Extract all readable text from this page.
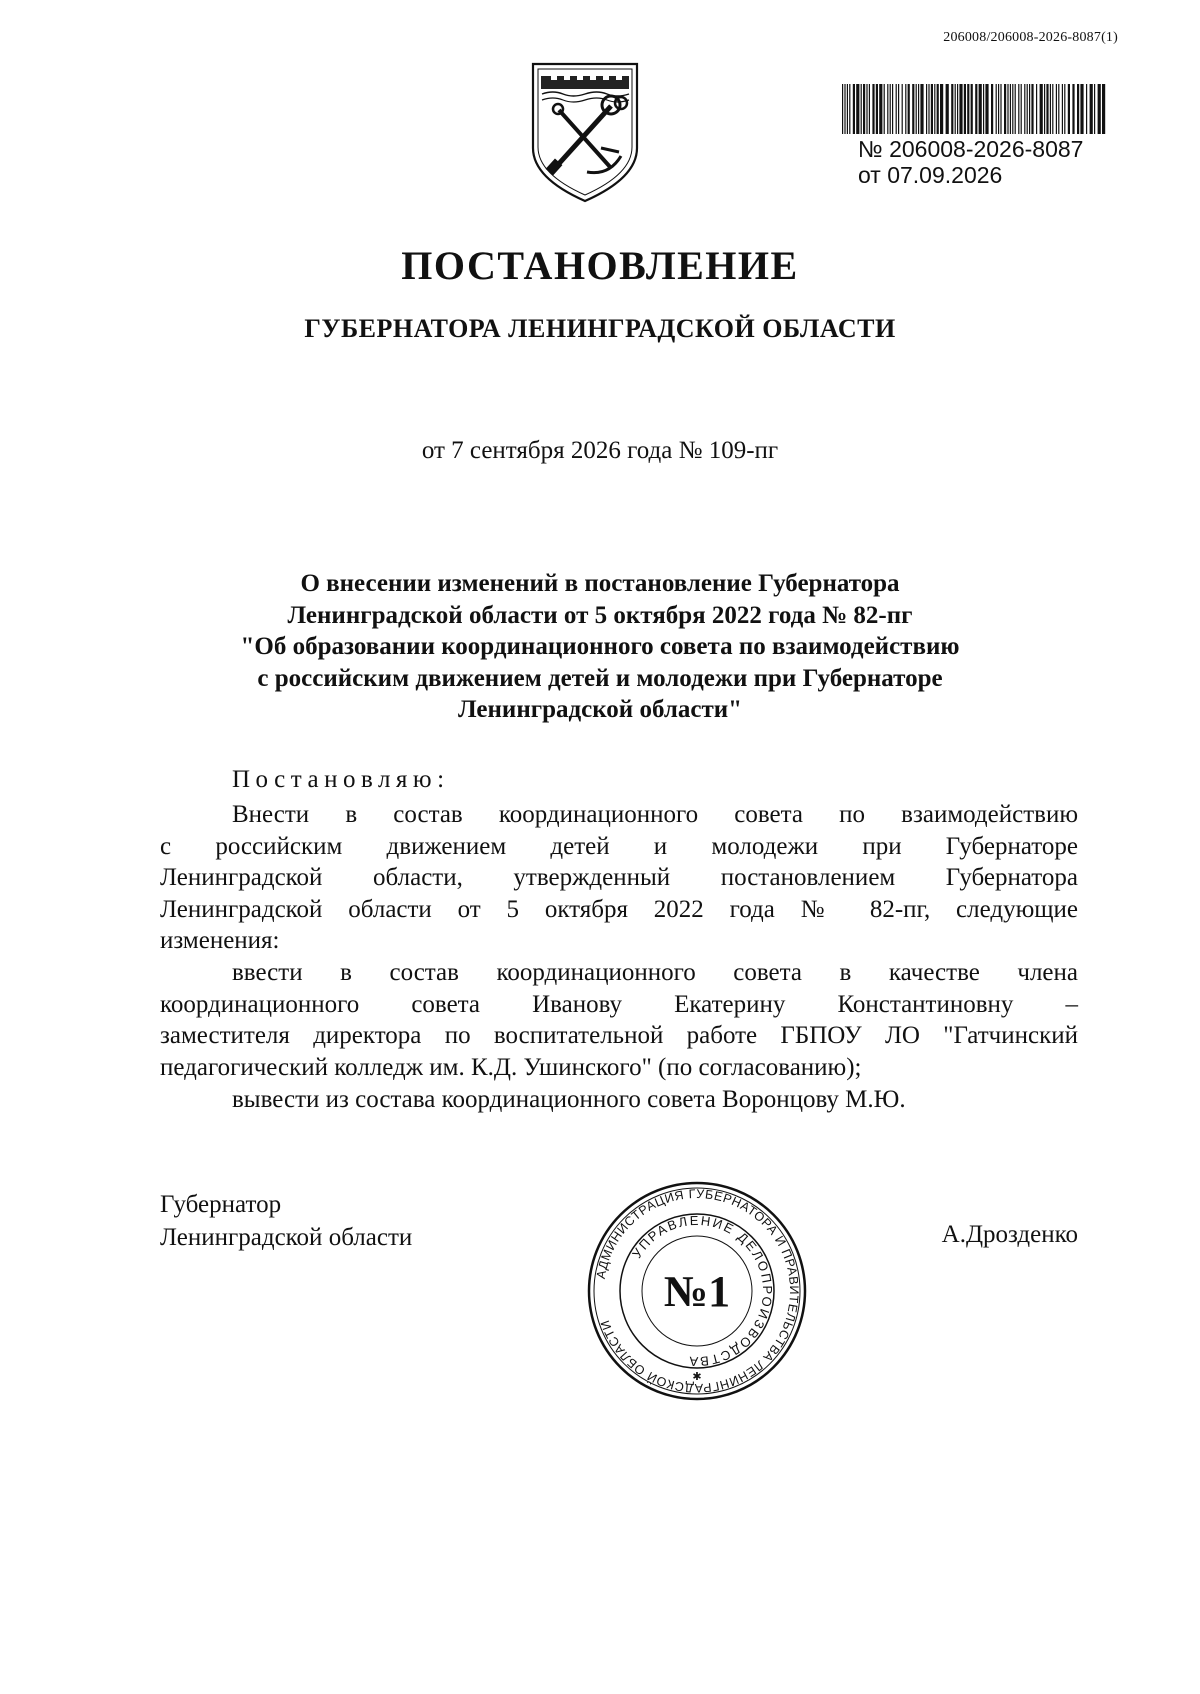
206008/206008-2026-8087(1)
№ 206008-2026-8087
от 07.09.2026
ПОСТАНОВЛЕНИЕ
ГУБЕРНАТОРА ЛЕНИНГРАДСКОЙ ОБЛАСТИ
от 7 сентября 2026 года № 109-пг
О внесении изменений в постановление Губернатора
Ленинградской области от 5 октября 2022 года № 82-пг
"Об образовании координационного совета по взаимодействию
с российским движением детей и молодежи при Губернаторе
Ленинградской области"
Постановляю:
Внести в состав координационного совета по взаимодействию
с российским движением детей и молодежи при Губернаторе
Ленинградской области, утвержденный постановлением Губернатора
Ленинградской области от 5 октября 2022 года № 82-пг, следующие
изменения:
ввести в состав координационного совета в качестве члена
координационного совета Иванову Екатерину Константиновну –
заместителя директора по воспитательной работе ГБПОУ ЛО "Гатчинский
педагогический колледж им. К.Д. Ушинского" (по согласованию);
вывести из состава координационного совета Воронцову М.Ю.
Губернатор
Ленинградской области	А.Дрозденко
АДМИНИСТРАЦИЯ ГУБЕРНАТОРА И ПРАВИТЕЛЬСТВА ЛЕНИНГРАДСКОЙ ОБЛАСТИ
УПРАВЛЕНИЕ ДЕЛОПРОИЗВОДСТВА
№1
✱
